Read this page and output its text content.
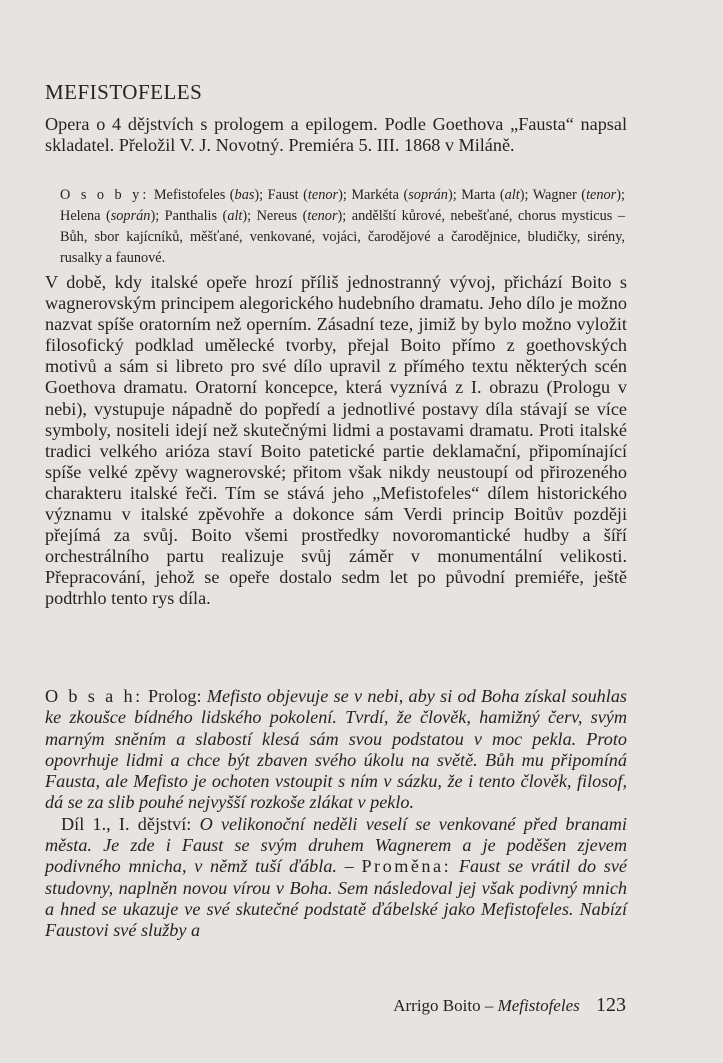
MEFISTOFELES

Opera o 4 dějstvích s prologem a epilogem. Podle Goethova „Fausta“ napsal skladatel. Přeložil V. J. Novotný. Premiéra 5. III. 1868 v Miláně.

O s o b y: Mefistofeles (bas); Faust (tenor); Markéta (soprán); Marta (alt); Wagner (tenor); Helena (soprán); Panthalis (alt); Nereus (tenor); andělští kůrové, nebešťané, chorus mysticus – Bůh, sbor kajícníků, měšťané, venkované, vojáci, čarodějové a čarodějnice, bludičky, sirény, rusalky a faunové.

V době, kdy italské opeře hrozí příliš jednostranný vývoj, přichází Boito s wagnerovským principem alegorického hudebního dramatu. Jeho dílo je možno nazvat spíše oratorním než operním. Zásadní teze, jimiž by bylo možno vyložit filosofický podklad umělecké tvorby, přejal Boito přímo z goethovských motivů a sám si libreto pro své dílo upravil z přímého textu některých scén Goethova dramatu. Oratorní koncepce, která vyznívá z I. obrazu (Prologu v nebi), vystupuje nápadně do popředí a jednotlivé postavy díla stávají se více symboly, nositeli idejí než skutečnými lidmi a postavami dramatu. Proti italské tradici velkého ariózа staví Boito patetické partie deklamační, připomínající spíše velké zpěvy wagnerovské; přitom však nikdy neustoupí od přirozeného charakteru italské řeči. Tím se stává jeho „Mefistofeles“ dílem historického významu v italské zpěvohře a dokonce sám Verdi princip Boitův později přejímá za svůj. Boito všemi prostředky novoromantické hudby a šíří orchestrálního partu realizuje svůj záměr v monumentální velikosti. Přepracování, jehož se opeře dostalo sedm let po původní premiéře, ještě podtrhlo tento rys díla.

O b s a h: Prolog: Mefisto objevuje se v nebi, aby si od Boha získal souhlas ke zkoušce bídného lidského pokolení. Tvrdí, že člověk, hamižný červ, svým marným sněním a slabostí klesá sám svou podstatou v moc pekla. Proto opovrhuje lidmi a chce být zbaven svého úkolu na světě. Bůh mu připomíná Fausta, ale Mefisto je ochoten vstoupit s ním v sázku, že i tento člověk, filosof, dá se za slib pouhé nejvyšší rozkoše zlákat v peklo.

Díl 1., I. dějství: O velikonoční neděli veselí se venkované před branami města. Je zde i Faust se svým druhem Wagnerem a je poděšen zjevem podivného mnicha, v němž tuší ďábla. – Proměna: Faust se vrátil do své studovny, naplněn novou vírou v Boha. Sem následoval jej však podivný mnich a hned se ukazuje ve své skutečné podstatě ďábelské jako Mefistofeles. Nabízí Faustovi své služby a

Arrigo Boito – Mefistofeles 123
